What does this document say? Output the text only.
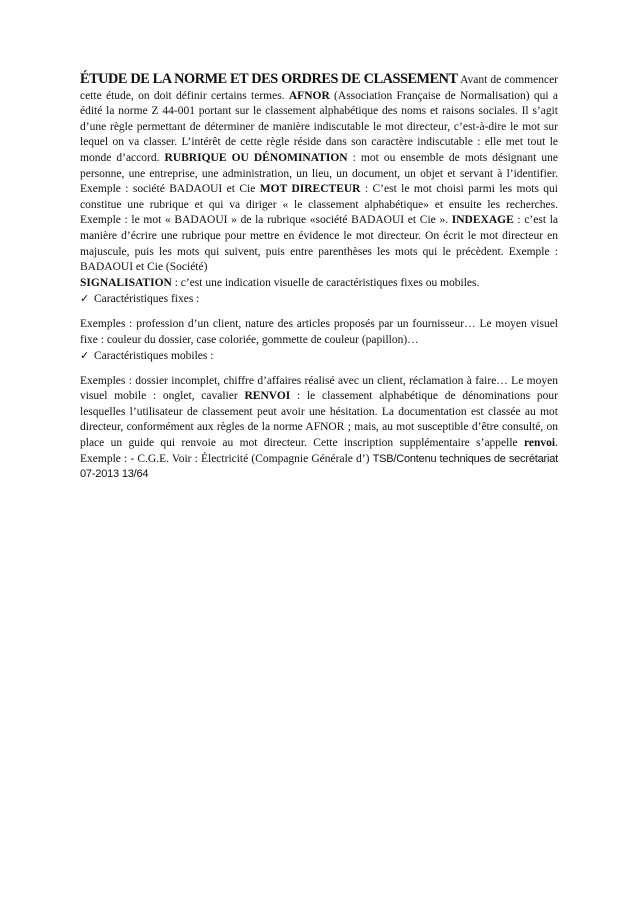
ÉTUDE DE LA NORME ET DES ORDRES DE CLASSEMENT Avant de commencer cette étude, on doit définir certains termes. AFNOR (Association Française de Normalisation) qui a édité la norme Z 44-001 portant sur le classement alphabétique des noms et raisons sociales. Il s’agit d’une règle permettant de déterminer de manière indiscutable le mot directeur, c’est-à-dire le mot sur lequel on va classer. L’intérêt de cette règle réside dans son caractère indiscutable : elle met tout le monde d’accord. RUBRIQUE OU DÉNOMINATION : mot ou ensemble de mots désignant une personne, une entreprise, une administration, un lieu, un document, un objet et servant à l’identifier. Exemple : société BADAOUI et Cie MOT DIRECTEUR : C’est le mot choisi parmi les mots qui constitue une rubrique et qui va diriger « le classement alphabétique» et ensuite les recherches. Exemple : le mot « BADAOUI » de la rubrique «société BADAOUI et Cie ». INDEXAGE : c’est la manière d’écrire une rubrique pour mettre en évidence le mot directeur. On écrit le mot directeur en majuscule, puis les mots qui suivent, puis entre parenthèses les mots qui le précèdent. Exemple : BADAOUI et Cie (Société)
SIGNALISATION : c’est une indication visuelle de caractéristiques fixes ou mobiles.

✓ Caractéristiques fixes :

Exemples : profession d’un client, nature des articles proposés par un fournisseur… Le moyen visuel fixe : couleur du dossier, case coloriée, gommette de couleur (papillon)…

✓ Caractéristiques mobiles :

Exemples : dossier incomplet, chiffre d’affaires réalisé avec un client, réclamation à faire… Le moyen visuel mobile : onglet, cavalier RENVOI : le classement alphabétique de dénominations pour lesquelles l’utilisateur de classement peut avoir une hésitation. La documentation est classée au mot directeur, conformément aux règles de la norme AFNOR ; mais, au mot susceptible d’être consulté, on place un guide qui renvoie au mot directeur. Cette inscription supplémentaire s’appelle renvoi. Exemple : - C.G.E. Voir : Électricité (Compagnie Générale d’) TSB/Contenu techniques de secrétariat 07-2013 13/64
